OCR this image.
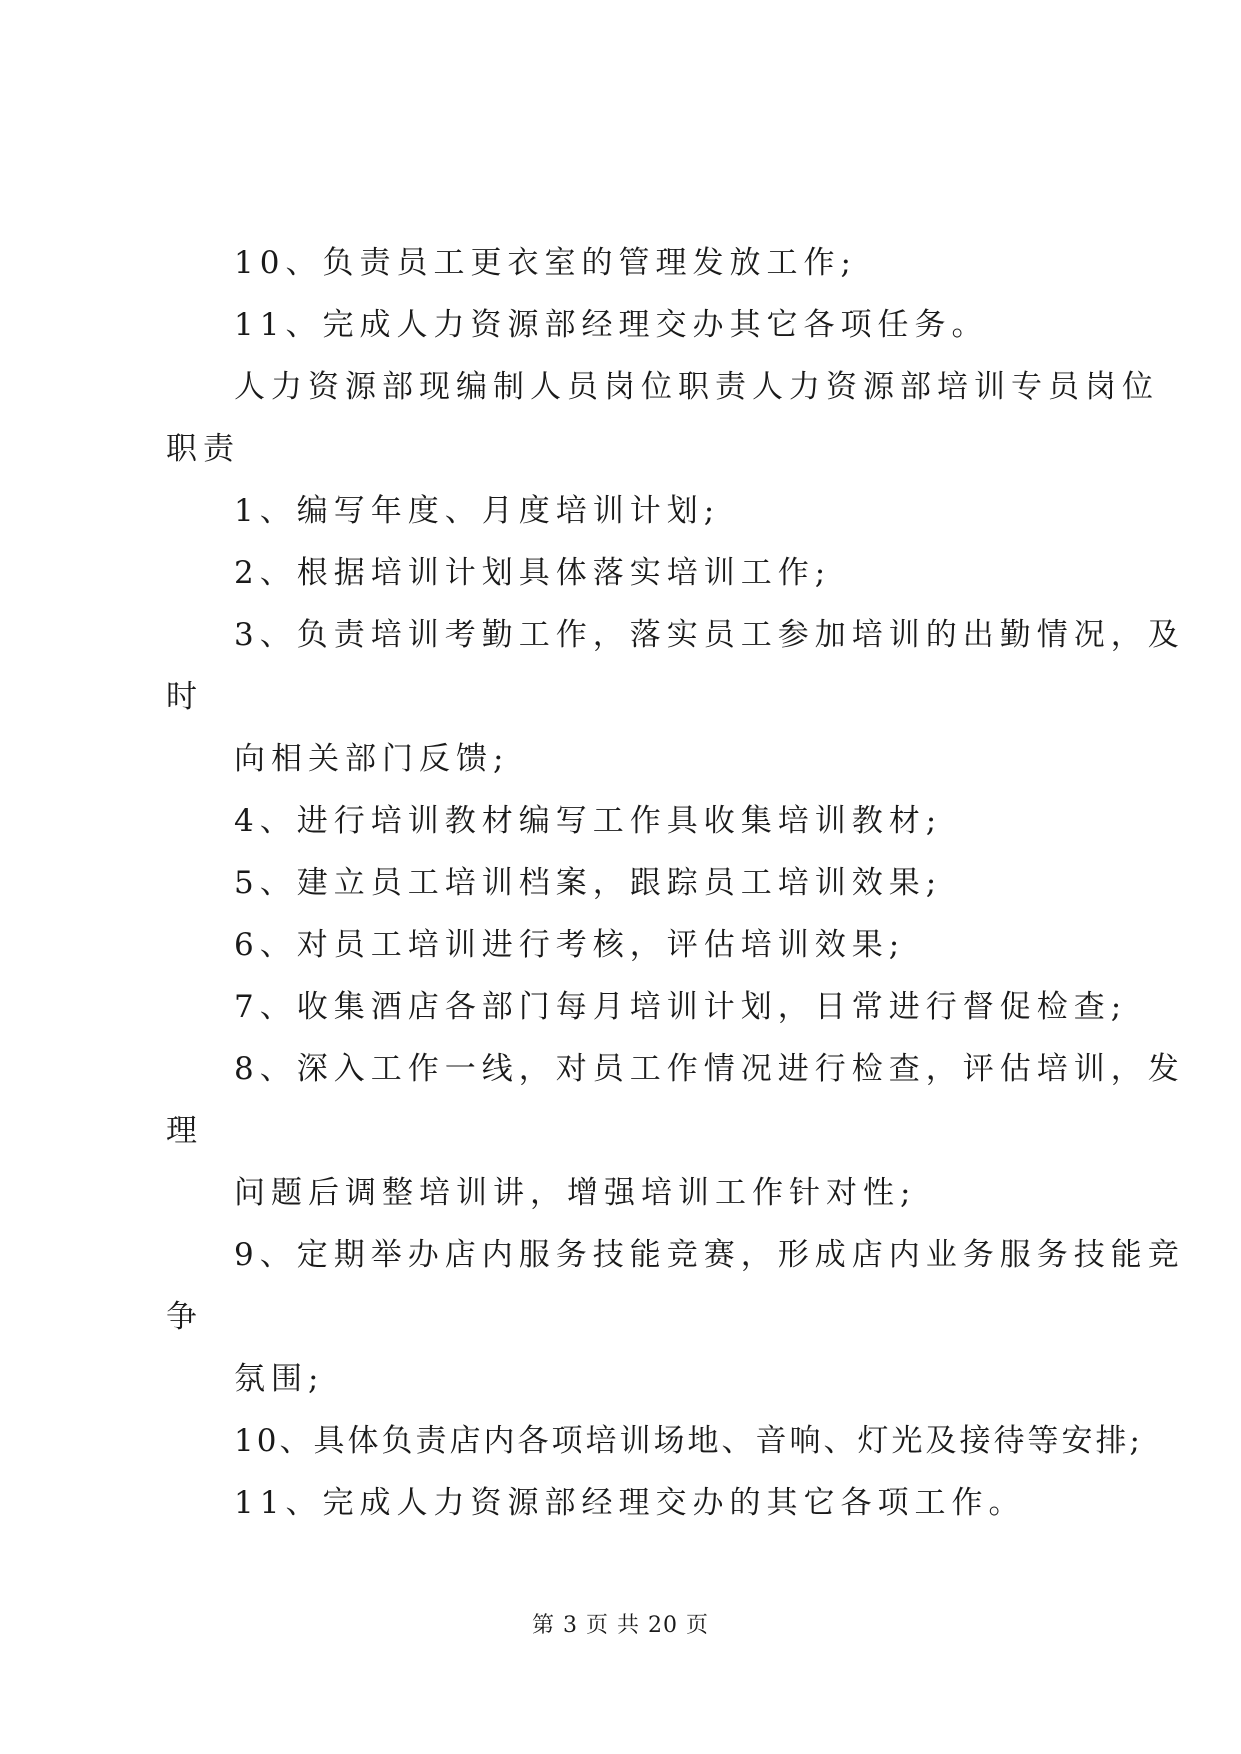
10、负责员工更衣室的管理发放工作;
11、完成人力资源部经理交办其它各项任务。
人力资源部现编制人员岗位职责人力资源部培训专员岗位
职责
1、编写年度、月度培训计划;
2、根据培训计划具体落实培训工作;
3、负责培训考勤工作，落实员工参加培训的出勤情况，及
时
向相关部门反馈;
4、进行培训教材编写工作具收集培训教材;
5、建立员工培训档案，跟踪员工培训效果;
6、对员工培训进行考核，评估培训效果;
7、收集酒店各部门每月培训计划，日常进行督促检查;
8、深入工作一线，对员工作情况进行检查，评估培训，发
理
问题后调整培训讲，增强培训工作针对性;
9、定期举办店内服务技能竞赛，形成店内业务服务技能竞
争
氛围;
10、具体负责店内各项培训场地、音响、灯光及接待等安排;
11、完成人力资源部经理交办的其它各项工作。
第 3 页 共 20 页
